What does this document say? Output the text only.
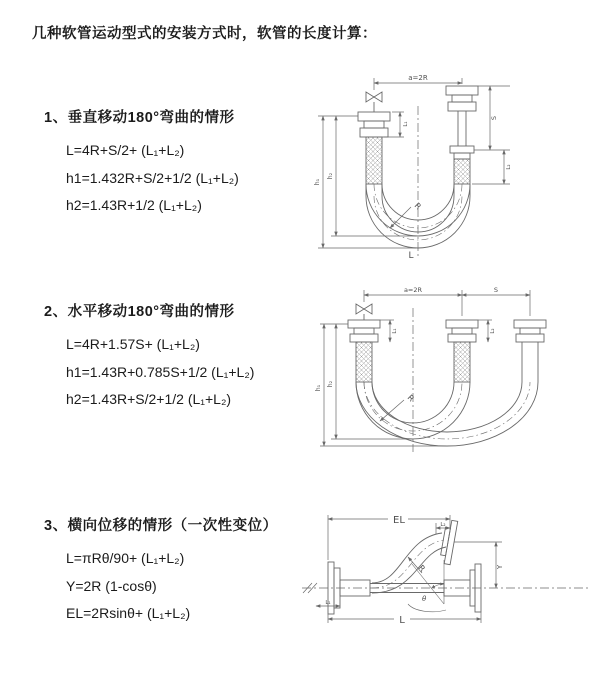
几种软管运动型式的安装方式时，软管的长度计算：
1、垂直移动180°弯曲的情形
L=4R+S/2+ (L₁+L₂)
h1=1.432R+S/2+1/2 (L₁+L₂)
h2=1.43R+1/2 (L₁+L₂)
2、水平移动180°弯曲的情形
L=4R+1.57S+ (L₁+L₂)
h1=1.43R+0.785S+1/2 (L₁+L₂)
h2=1.43R+S/2+1/2 (L₁+L₂)
3、横向位移的情形（一次性变位）
L=πRθ/90+ (L₁+L₂)
Y=2R (1-cosθ)
EL=2Rsinθ+ (L₁+L₂)
a=2R
L₁
S
L₂
h₁
h₂
R
L
a=2R	S
L₁	L₂
h₁
h₂
R
EL	L₂
Y
θ
L₁
L
R
